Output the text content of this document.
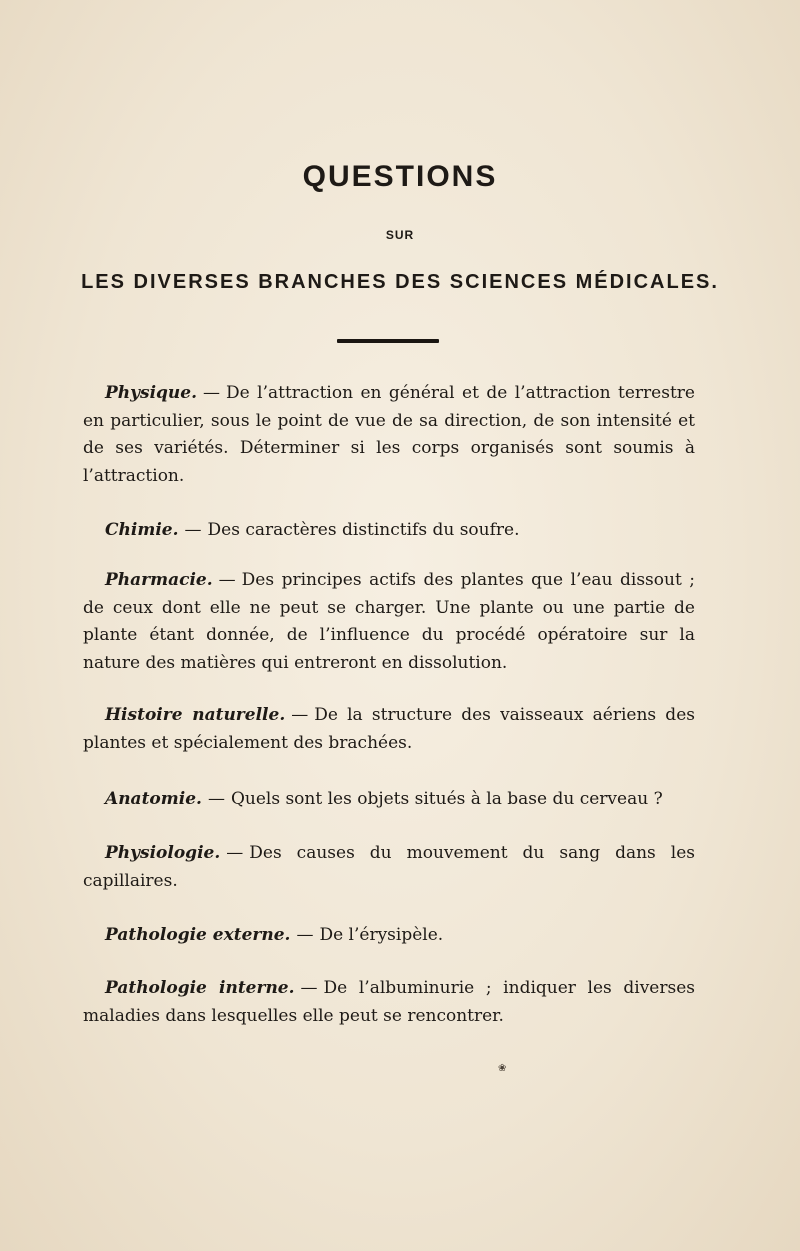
QUESTIONS
SUR
LES DIVERSES BRANCHES DES SCIENCES MÉDICALES.

Physique. — De l’attraction en général et de l’attraction terrestre en particulier, sous le point de vue de sa direction, de son intensité et de ses variétés. Déterminer si les corps organisés sont soumis à l’attraction.

Chimie. — Des caractères distinctifs du soufre.

Pharmacie. — Des principes actifs des plantes que l’eau dissout ; de ceux dont elle ne peut se charger. Une plante ou une partie de plante étant donnée, de l’influence du procédé opératoire sur la nature des matières qui entreront en dissolution.

Histoire naturelle. — De la structure des vaisseaux aériens des plantes et spécialement des brachées.

Anatomie. — Quels sont les objets situés à la base du cerveau ?

Physiologie. — Des causes du mouvement du sang dans les capillaires.

Pathologie externe. — De l’érysipèle.

Pathologie interne. — De l’albuminurie ; indiquer les diverses maladies dans lesquelles elle peut se rencontrer.

❀
